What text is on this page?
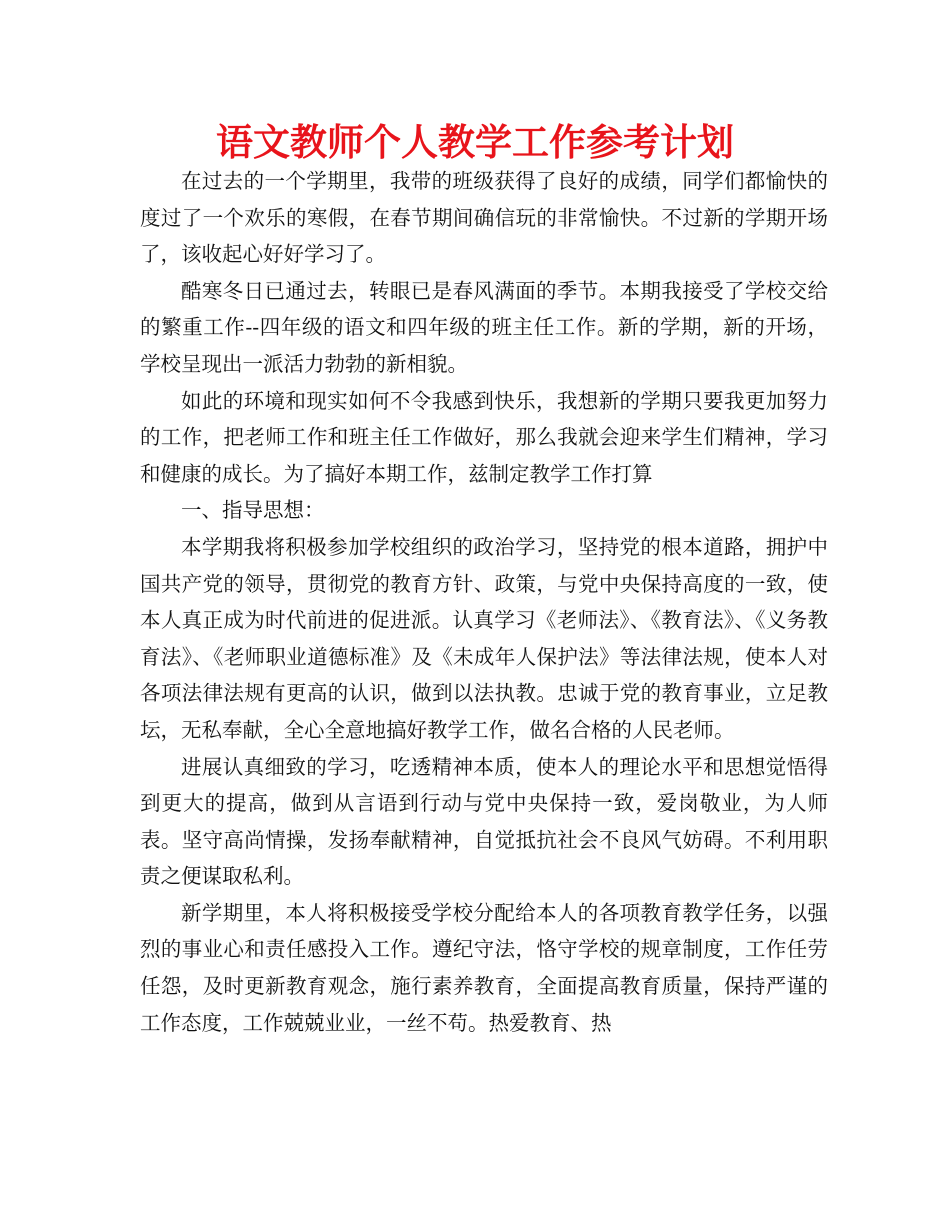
语文教师个人教学工作参考计划

在过去的一个学期里，我带的班级获得了良好的成绩，同学们都愉快的度过了一个欢乐的寒假，在春节期间确信玩的非常愉快。不过新的学期开场了，该收起心好好学习了。

酷寒冬日已通过去，转眼已是春风满面的季节。本期我接受了学校交给的繁重工作--四年级的语文和四年级的班主任工作。新的学期，新的开场，学校呈现出一派活力勃勃的新相貌。

如此的环境和现实如何不令我感到快乐，我想新的学期只要我更加努力的工作，把老师工作和班主任工作做好，那么我就会迎来学生们精神，学习和健康的成长。为了搞好本期工作，兹制定教学工作打算

一、指导思想：

本学期我将积极参加学校组织的政治学习，坚持党的根本道路，拥护中国共产党的领导，贯彻党的教育方针、政策，与党中央保持高度的一致，使本人真正成为时代前进的促进派。认真学习《老师法》、《教育法》、《义务教育法》、《老师职业道德标准》及《未成年人保护法》等法律法规，使本人对各项法律法规有更高的认识，做到以法执教。忠诚于党的教育事业，立足教坛，无私奉献，全心全意地搞好教学工作，做名合格的人民老师。

进展认真细致的学习，吃透精神本质，使本人的理论水平和思想觉悟得到更大的提高，做到从言语到行动与党中央保持一致，爱岗敬业，为人师表。坚守高尚情操，发扬奉献精神，自觉抵抗社会不良风气妨碍。不利用职责之便谋取私利。

新学期里，本人将积极接受学校分配给本人的各项教育教学任务，以强烈的事业心和责任感投入工作。遵纪守法，恪守学校的规章制度，工作任劳任怨，及时更新教育观念，施行素养教育，全面提高教育质量，保持严谨的工作态度，工作兢兢业业，一丝不苟。热爱教育、热
